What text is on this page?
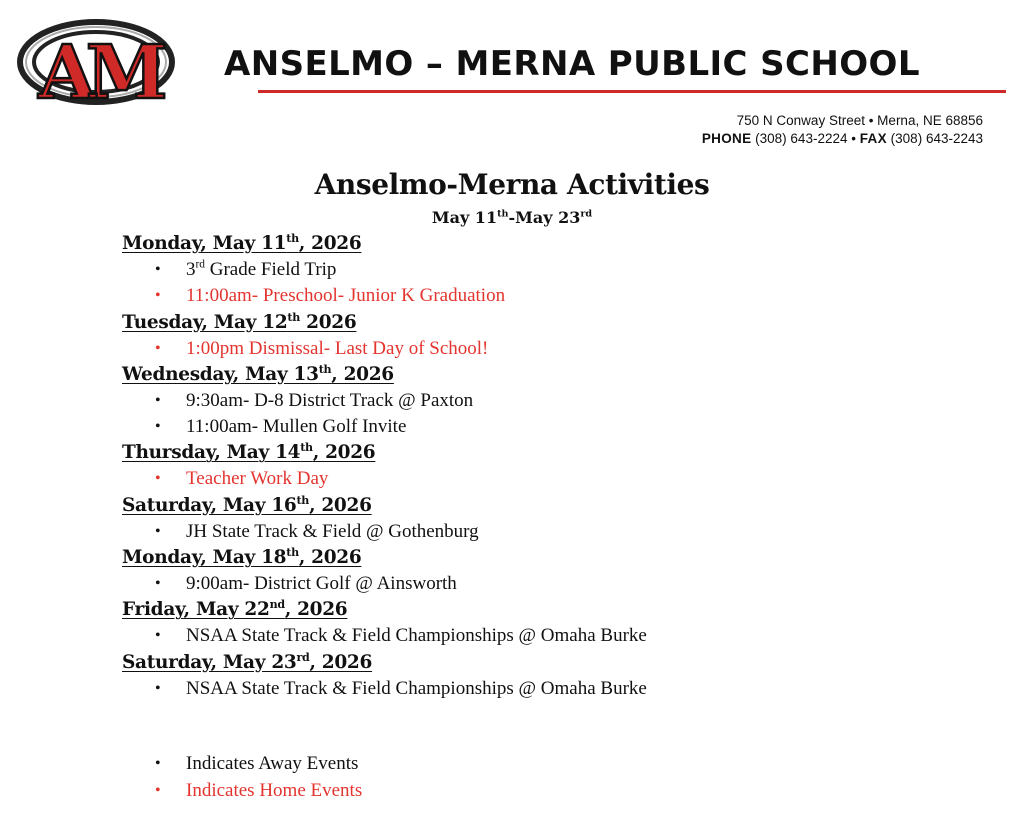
AM ANSELMO – MERNA PUBLIC SCHOOL
750 N Conway Street • Merna, NE 68856
PHONE (308) 643-2224 • FAX (308) 643-2243
Anselmo-Merna Activities
May 11th-May 23rd
Monday, May 11th, 2026
• 3rd Grade Field Trip
• 11:00am- Preschool- Junior K Graduation
Tuesday, May 12th 2026
• 1:00pm Dismissal- Last Day of School!
Wednesday, May 13th, 2026
• 9:30am- D-8 District Track @ Paxton
• 11:00am- Mullen Golf Invite
Thursday, May 14th, 2026
• Teacher Work Day
Saturday, May 16th, 2026
• JH State Track & Field @ Gothenburg
Monday, May 18th, 2026
• 9:00am- District Golf @ Ainsworth
Friday, May 22nd, 2026
• NSAA State Track & Field Championships @ Omaha Burke
Saturday, May 23rd, 2026
• NSAA State Track & Field Championships @ Omaha Burke
• Indicates Away Events
• Indicates Home Events
